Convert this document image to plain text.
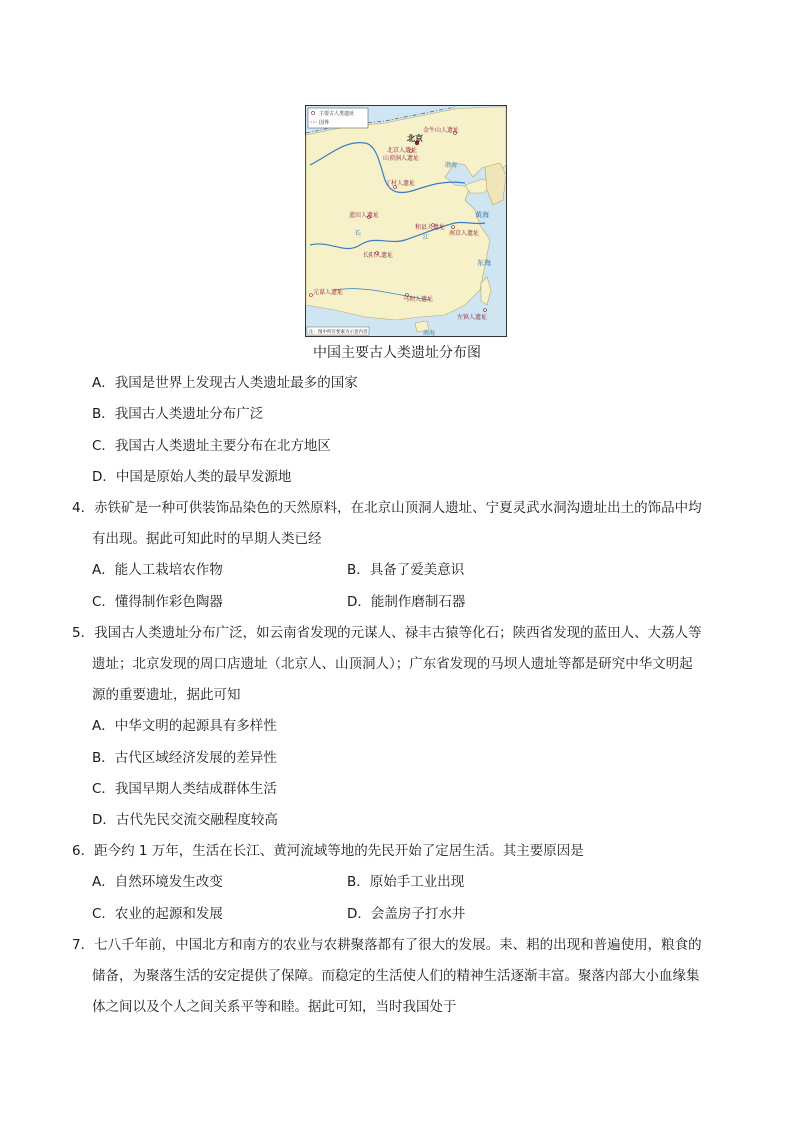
主要古人类遗址
国界
北京
渤海
黄海
东海
南海
长
江
金牛山人遗址
北京人遗址
山顶洞人遗址
丁村人遗址
蓝田人遗址
和县人遗址
南京人遗址
长阳人遗址
元谋人遗址
马坝人遗址
左镇人遗址
注：图中所有要素为示意内容
中国主要古人类遗址分布图
A．我国是世界上发现古人类遗址最多的国家
B．我国古人类遗址分布广泛
C．我国古人类遗址主要分布在北方地区
D．中国是原始人类的最早发源地
4．赤铁矿是一种可供装饰品染色的天然原料，在北京山顶洞人遗址、宁夏灵武水洞沟遗址出土的饰品中均
有出现。据此可知此时的早期人类已经
A．能人工栽培农作物	B．具备了爱美意识
C．懂得制作彩色陶器	D．能制作磨制石器
5．我国古人类遗址分布广泛，如云南省发现的元谋人、禄丰古猿等化石；陕西省发现的蓝田人、大荔人等
遗址；北京发现的周口店遗址（北京人、山顶洞人）；广东省发现的马坝人遗址等都是研究中华文明起
源的重要遗址，据此可知
A．中华文明的起源具有多样性
B．古代区域经济发展的差异性
C．我国早期人类结成群体生活
D．古代先民交流交融程度较高
6．距今约 1 万年，生活在长江、黄河流域等地的先民开始了定居生活。其主要原因是
A．自然环境发生改变	B．原始手工业出现
C．农业的起源和发展	D．会盖房子打水井
7．七八千年前，中国北方和南方的农业与农耕聚落都有了很大的发展。耒、耜的出现和普遍使用，粮食的
储备，为聚落生活的安定提供了保障。而稳定的生活使人们的精神生活逐渐丰富。聚落内部大小血缘集
体之间以及个人之间关系平等和睦。据此可知，当时我国处于
